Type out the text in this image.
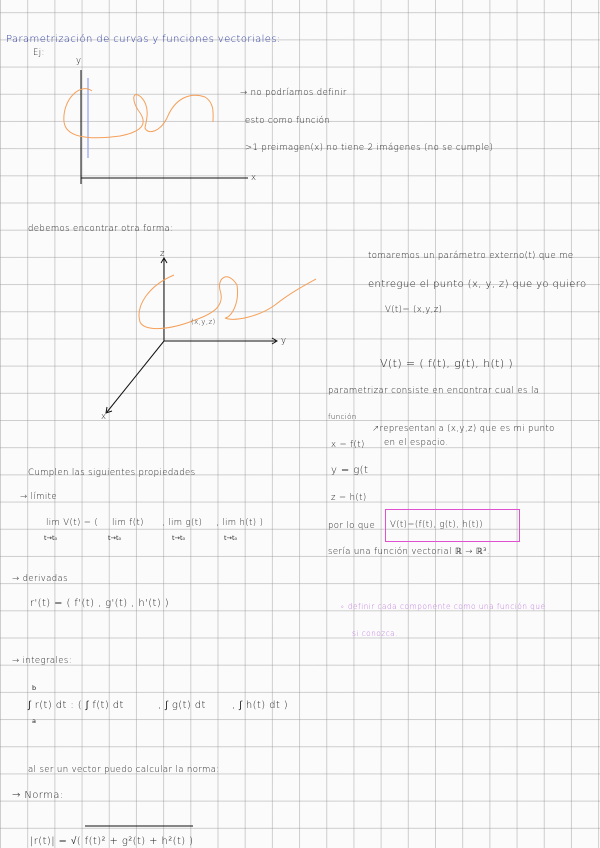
Parametrización de curvas y funciones vectoriales:
Ej:
y
x
→ no podríamos definir
esto como función
>1 preimagen(x) no tiene 2 imágenes (no se cumple)
debemos encontrar otra forma:
z
y
x
(x,y,z)
tomaremos un parámetro externo(t) que me
entregue el punto (x, y, z) que yo quiero
V(t)= (x,y,z)
V(t) = ( f(t), g(t), h(t) )
parametrizar consiste en encontrar cual es la
función
↗representan a (x,y,z) que es mi punto
x = f(t) en el espacio.
y = g(t
z = h(t)
por lo que V(t)=(f(t), g(t), h(t))
sería una función vectorial ℝ → ℝ³.
Cumplen las siguientes propiedades
→ límite
lim V(t) = (
t→t₀
lim f(t)
t→t₀
, lim g(t)
t→t₀
, lim h(t) )
t→t₀
→ derivadas
r'(t) = ( f'(t) , g'(t) , h'(t) )	∘ definir cada componente como una función que
si conozca.
→ integrales:
b
a
∫ r(t) dt : ( ∫ f(t) dt	, ∫ g(t) dt	, ∫ h(t) dt )
al ser un vector puedo calcular la norma:
→ Norma:
|r(t)| = √( f(t)² + g²(t) + h²(t) )
